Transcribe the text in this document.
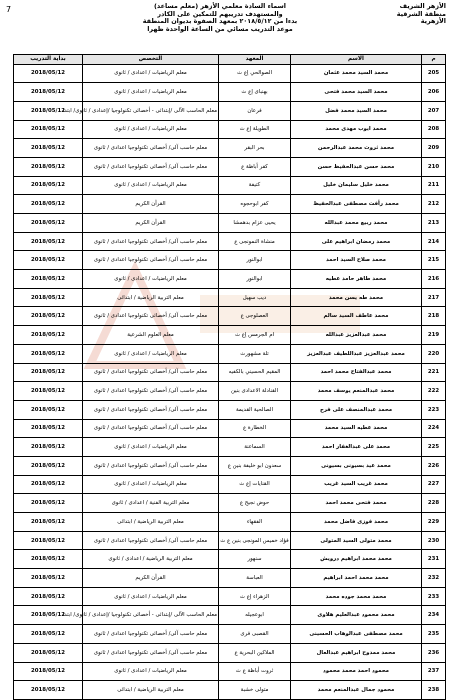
7	الأزهر الشريف
منطقة الشرقية الأزهرية
اسماء السادة معلمي الأزهر (معلم مساعد)
والمستهدف تدريبهم للتمكين على الكادر
بدءا من ٢٠١٨/٥/١٢ بمعهد الصفوة بديوان المنطقة
موعد التدريب مسائي من الساعة الواحدة ظهرا
م	الاسم	المعهد	التخصص	بداية التدريب
205	محمد السيد محمد عثمان	الصوالحي إع ث	معلم الرياضيات / اعدادى / ثانوى	2018/05/12
206	محمد السيد محمد فتحى	بهنباى إع ث	معلم الرياضيات / اعدادى / ثانوى	2018/05/12
207	محمد السيد محمد فضل	فرعان	معلم الحاسب الآلى /إبتدائى - أخصائى تكنولوجيا /إعدادى / ثانوى/ ابتدا	2018/05/12
208	محمد ايوب مهدى محمد	الطويلة إع ث	معلم الرياضيات / اعدادى / ثانوى	2018/05/12
209	محمد ثروت محمد عبدالرحمن	بحر البقر	معلم حاسب آلى/ أخصائى تكنولوجيا اعدادى / ثانوى	2018/05/12
210	محمد حسن عبدالحفيظ حسن	كفر أباظة ع	معلم حاسب آلى/ أخصائى تكنولوجيا اعدادى / ثانوى	2018/05/12
211	محمد خليل سليمان خليل	كتيفة	معلم الرياضيات / اعدادى / ثانوى	2018/05/12
212	محمد رأفت مصطفى عبدالحفيظ	كفر ابوحجوه	القرآن الكريم	2018/05/12
213	محمد ربيع محمد عبدالله	يحيى عزام بدهمشا	القرآن الكريم	2018/05/12
214	محمد رمضان ابراهيم على	منشاة النمونجى ع	معلم حاسب آلى/ أخصائى تكنولوجيا اعدادى / ثانوى	2018/05/12
215	محمد صلاح السيد احمد	ابوالنور	معلم حاسب آلى/ أخصائى تكنولوجيا اعدادى / ثانوى	2018/05/12
216	محمد طاهر حامد عطيه	ابوالنور	معلم الرياضيات / اعدادى / ثانوى	2018/05/12
217	محمد طه يسن محمد	ديب سهيل	معلم التربية الرياضية / ابتدائى	2018/05/12
218	محمد عاطف السيد سالم	العصلوجى ع	معلم حاسب آلى/ أخصائى تكنولوجيا اعدادى / ثانوى	2018/05/12
219	محمد عبدالعزيز عبدالله	ام الجرمس إع ث	معلم العلوم الشرعية	2018/05/12
220	محمد عبدالعزيز عبداللطيف عبدالعزيز	تلة مشهورث	معلم الرياضيات / اعدادى / ثانوى	2018/05/12
221	محمد عبدالفتاح محمد احمد	المقيم الحسيني بالكفيه	معلم حاسب آلى/ أخصائى تكنولوجيا اعدادى / ثانوى	2018/05/12
222	محمد عبدالمنعم يوسف محمد	القنادلة الاعدادى بنين	معلم حاسب آلى/ أخصائى تكنولوجيا اعدادى / ثانوى	2018/05/12
223	محمد عبدالمنصف على فرج	الصالحية القديمة	معلم حاسب آلى/ أخصائى تكنولوجيا اعدادى / ثانوى	2018/05/12
224	محمد عطيه السيد محمد	الخطارة ع	معلم حاسب آلى/ أخصائى تكنولوجيا اعدادى / ثانوى	2018/05/12
225	محمد على عبدالغفار احمد	السماعنة	معلم الرياضيات / اعدادى / ثانوى	2018/05/12
226	محمد عيد بسيونى بسيونى	سعدون ابو خليفة بنين ع	معلم حاسب آلى/ أخصائى تكنولوجيا اعدادى / ثانوى	2018/05/12
227	محمد غريب السيد غريب	القنايات إع ث	معلم الرياضيات / اعدادى / ثانوى	2018/05/12
228	محمد فتحى محمد احمد	حوض نجيح ع	معلم التربية الفنية / اعدادى / ثانوى	2018/05/12
229	محمد فوزى فاضل محمد	الفقهاء	معلم التربية الرياضية / ابتدائى	2018/05/12
230	محمد متولى السيد المتولى	فؤاد خميس المونجى بنين ع ث	معلم حاسب آلى/ أخصائى تكنولوجيا اعدادى / ثانوى	2018/05/12
231	محمد محمد ابراهيم درويش	سنهور	معلم التربية الرياضية / اعدادى / ثانوى	2018/05/12
232	محمد محمد احمد ابراهيم	العباسة	القرآن الكريم	2018/05/12
233	محمد محمد جوده محمد	الزهراء إع ث	معلم الرياضيات / اعدادى / ثانوى	2018/05/12
234	محمد محمود عبدالعليم هلاوى	ابوعجيله	معلم الحاسب الآلى /إبتدائى - أخصائى تكنولوجيا /إعدادى / ثانوى/ ابتدا	2018/05/12
235	محمد مصطفى عبدالوهاب الحسينى	القصبى فرى	معلم حاسب آلى/ أخصائى تكنولوجيا اعدادى / ثانوى	2018/05/12
236	محمد ممدوح ابراهيم عبدالعال	الملاكين البحرية ع	معلم حاسب آلى/ أخصائى تكنولوجيا اعدادى / ثانوى	2018/05/12
237	محمود احمد محمد محمود	ثروت أباظة ع ث	معلم الرياضيات / اعدادى / ثانوى	2018/05/12
238	محمود جمال عبدالمنعم محمد	متولى خشبة	معلم التربية الرياضية / ابتدائى	2018/05/12
